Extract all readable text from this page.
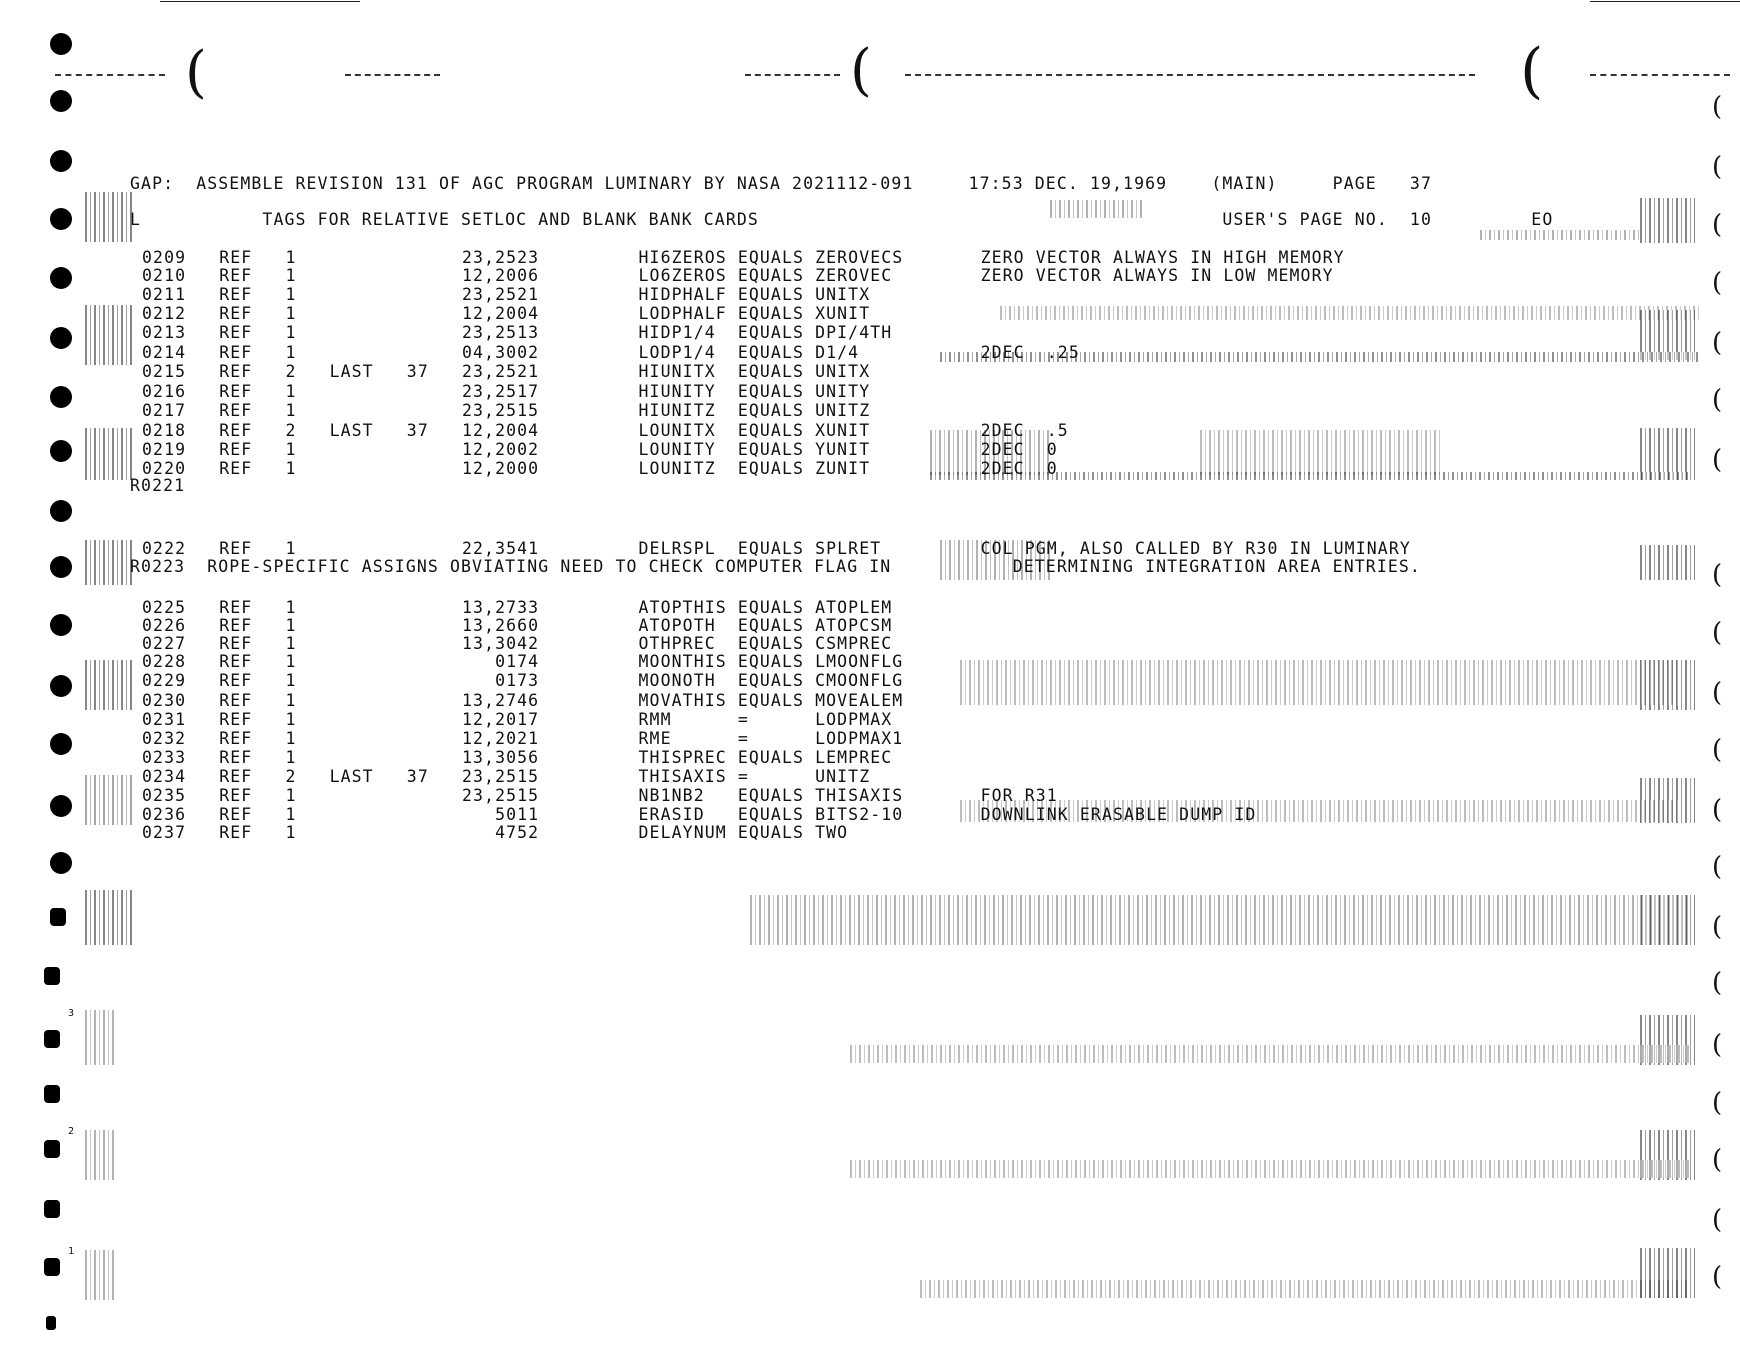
(	(	(
3
2
1
(
(
(
(
(
(
(
(
(
(
(
(
(
(
(
(
(
(
(
(
GAP:  ASSEMBLE REVISION 131 OF AGC PROGRAM LUMINARY BY NASA 2021112-091     17:53 DEC. 19,1969    (MAIN)     PAGE   37
L           TAGS FOR RELATIVE SETLOC AND BLANK BANK CARDS                                          USER'S PAGE NO.  10         EO
0209   REF   1               23,2523         HI6ZEROS EQUALS ZEROVECS       ZERO VECTOR ALWAYS IN HIGH MEMORY
0210   REF   1               12,2006         LO6ZEROS EQUALS ZEROVEC        ZERO VECTOR ALWAYS IN LOW MEMORY
0211   REF   1               23,2521         HIDPHALF EQUALS UNITX
0212   REF   1               12,2004         LODPHALF EQUALS XUNIT
0213   REF   1               23,2513         HIDP1/4  EQUALS DPI/4TH
0214   REF   1               04,3002         LODP1/4  EQUALS D1/4           2DEC  .25
0215   REF   2   LAST   37   23,2521         HIUNITX  EQUALS UNITX
0216   REF   1               23,2517         HIUNITY  EQUALS UNITY
0217   REF   1               23,2515         HIUNITZ  EQUALS UNITZ
0218   REF   2   LAST   37   12,2004         LOUNITX  EQUALS XUNIT          2DEC  .5
0219   REF   1               12,2002         LOUNITY  EQUALS YUNIT          2DEC  0
0220   REF   1               12,2000         LOUNITZ  EQUALS ZUNIT          2DEC  0
R0221
0222   REF   1               22,3541         DELRSPL  EQUALS SPLRET         COL PGM, ALSO CALLED BY R30 IN LUMINARY
R0223  ROPE-SPECIFIC ASSIGNS OBVIATING NEED TO CHECK COMPUTER FLAG IN           DETERMINING INTEGRATION AREA ENTRIES.
0225   REF   1               13,2733         ATOPTHIS EQUALS ATOPLEM
0226   REF   1               13,2660         ATOPOTH  EQUALS ATOPCSM
0227   REF   1               13,3042         OTHPREC  EQUALS CSMPREC
0228   REF   1                  0174         MOONTHIS EQUALS LMOONFLG
0229   REF   1                  0173         MOONOTH  EQUALS CMOONFLG
0230   REF   1               13,2746         MOVATHIS EQUALS MOVEALEM
0231   REF   1               12,2017         RMM      =      LODPMAX
0232   REF   1               12,2021         RME      =      LODPMAX1
0233   REF   1               13,3056         THISPREC EQUALS LEMPREC
0234   REF   2   LAST   37   23,2515         THISAXIS =      UNITZ
0235   REF   1               23,2515         NB1NB2   EQUALS THISAXIS       FOR R31
0236   REF   1                  5011         ERASID   EQUALS BITS2-10       DOWNLINK ERASABLE DUMP ID
0237   REF   1                  4752         DELAYNUM EQUALS TWO
